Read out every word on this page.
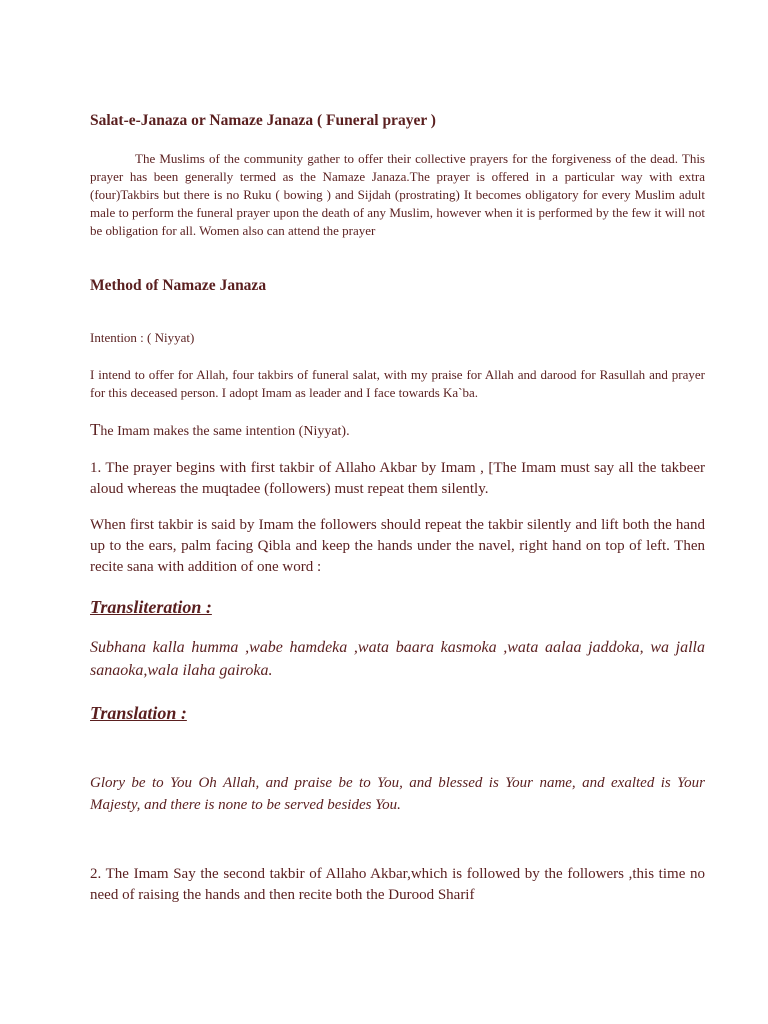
Salat-e-Janaza or Namaze Janaza ( Funeral prayer )

The Muslims of the community gather to offer their collective prayers for the forgiveness of the dead. This prayer has been generally termed as the Namaze Janaza.The prayer is offered in a particular way with extra (four)Takbirs but there is no Ruku ( bowing ) and Sijdah (prostrating) It becomes obligatory for every Muslim adult male to perform the funeral prayer upon the death of any Muslim, however when it is performed by the few it will not be obligation for all. Women also can attend the prayer

Method of Namaze Janaza

Intention : ( Niyyat)

I intend to offer for Allah, four takbirs of funeral salat, with my praise for Allah and darood for Rasullah and prayer for this deceased person. I adopt Imam as leader and I face towards Ka`ba.

The Imam makes the same intention (Niyyat).

1. The prayer begins with first takbir of Allaho Akbar by Imam , [The Imam must say all the takbeer aloud whereas the muqtadee (followers) must repeat them silently.

When first takbir is said by Imam the followers should repeat the takbir silently and lift both the hand up to the ears, palm facing Qibla and keep the hands under the navel, right hand on top of left. Then recite sana with addition of one word :

Transliteration :

Subhana kalla humma ,wabe hamdeka ,wata baara kasmoka ,wata aalaa jaddoka, wa jalla sanaoka,wala ilaha gairoka.

Translation :

Glory be to You Oh Allah, and praise be to You, and blessed is Your name, and exalted is Your Majesty, and there is none to be served besides You.

2. The Imam Say the second takbir of Allaho Akbar,which is followed by the followers ,this time no need of raising the hands and then recite both the Durood Sharif
